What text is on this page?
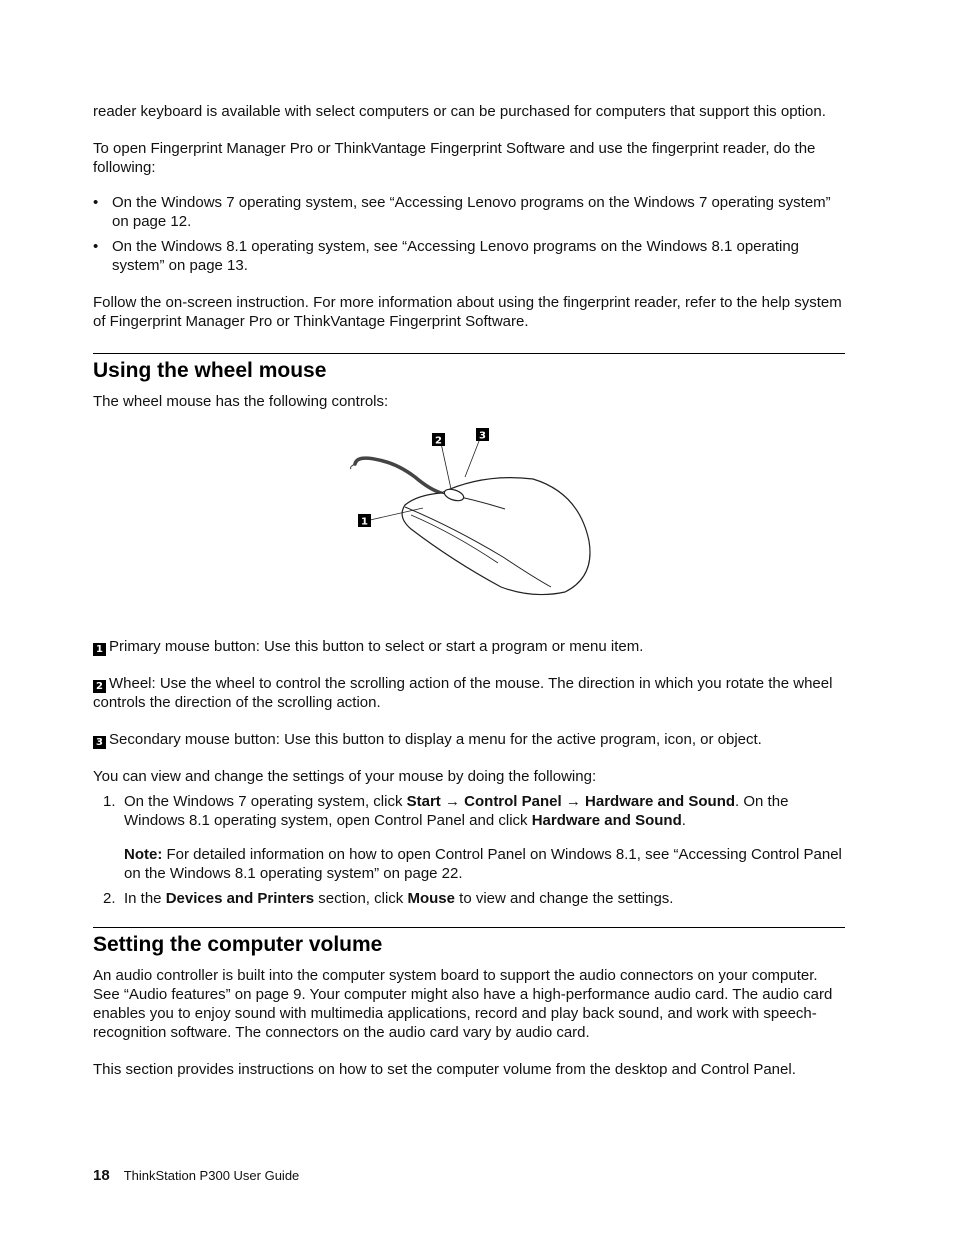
reader keyboard is available with select computers or can be purchased for computers that support this option.

To open Fingerprint Manager Pro or ThinkVantage Fingerprint Software and use the fingerprint reader, do the following:

• On the Windows 7 operating system, see “Accessing Lenovo programs on the Windows 7 operating system” on page 12.
• On the Windows 8.1 operating system, see “Accessing Lenovo programs on the Windows 8.1 operating system” on page 13.

Follow the on-screen instruction. For more information about using the fingerprint reader, refer to the help system of Fingerprint Manager Pro or ThinkVantage Fingerprint Software.

Using the wheel mouse

The wheel mouse has the following controls:

1
2	3

1 Primary mouse button: Use this button to select or start a program or menu item.

2 Wheel: Use the wheel to control the scrolling action of the mouse. The direction in which you rotate the wheel controls the direction of the scrolling action.

3 Secondary mouse button: Use this button to display a menu for the active program, icon, or object.

You can view and change the settings of your mouse by doing the following:

1. On the Windows 7 operating system, click Start → Control Panel → Hardware and Sound. On the Windows 8.1 operating system, open Control Panel and click Hardware and Sound.

Note: For detailed information on how to open Control Panel on Windows 8.1, see “Accessing Control Panel on the Windows 8.1 operating system” on page 22.

2. In the Devices and Printers section, click Mouse to view and change the settings.
Setting the computer volume

An audio controller is built into the computer system board to support the audio connectors on your computer. See “Audio features” on page 9. Your computer might also have a high-performance audio card. The audio card enables you to enjoy sound with multimedia applications, record and play back sound, and work with speech-recognition software. The connectors on the audio card vary by audio card.

This section provides instructions on how to set the computer volume from the desktop and Control Panel.

18 ThinkStation P300 User Guide
